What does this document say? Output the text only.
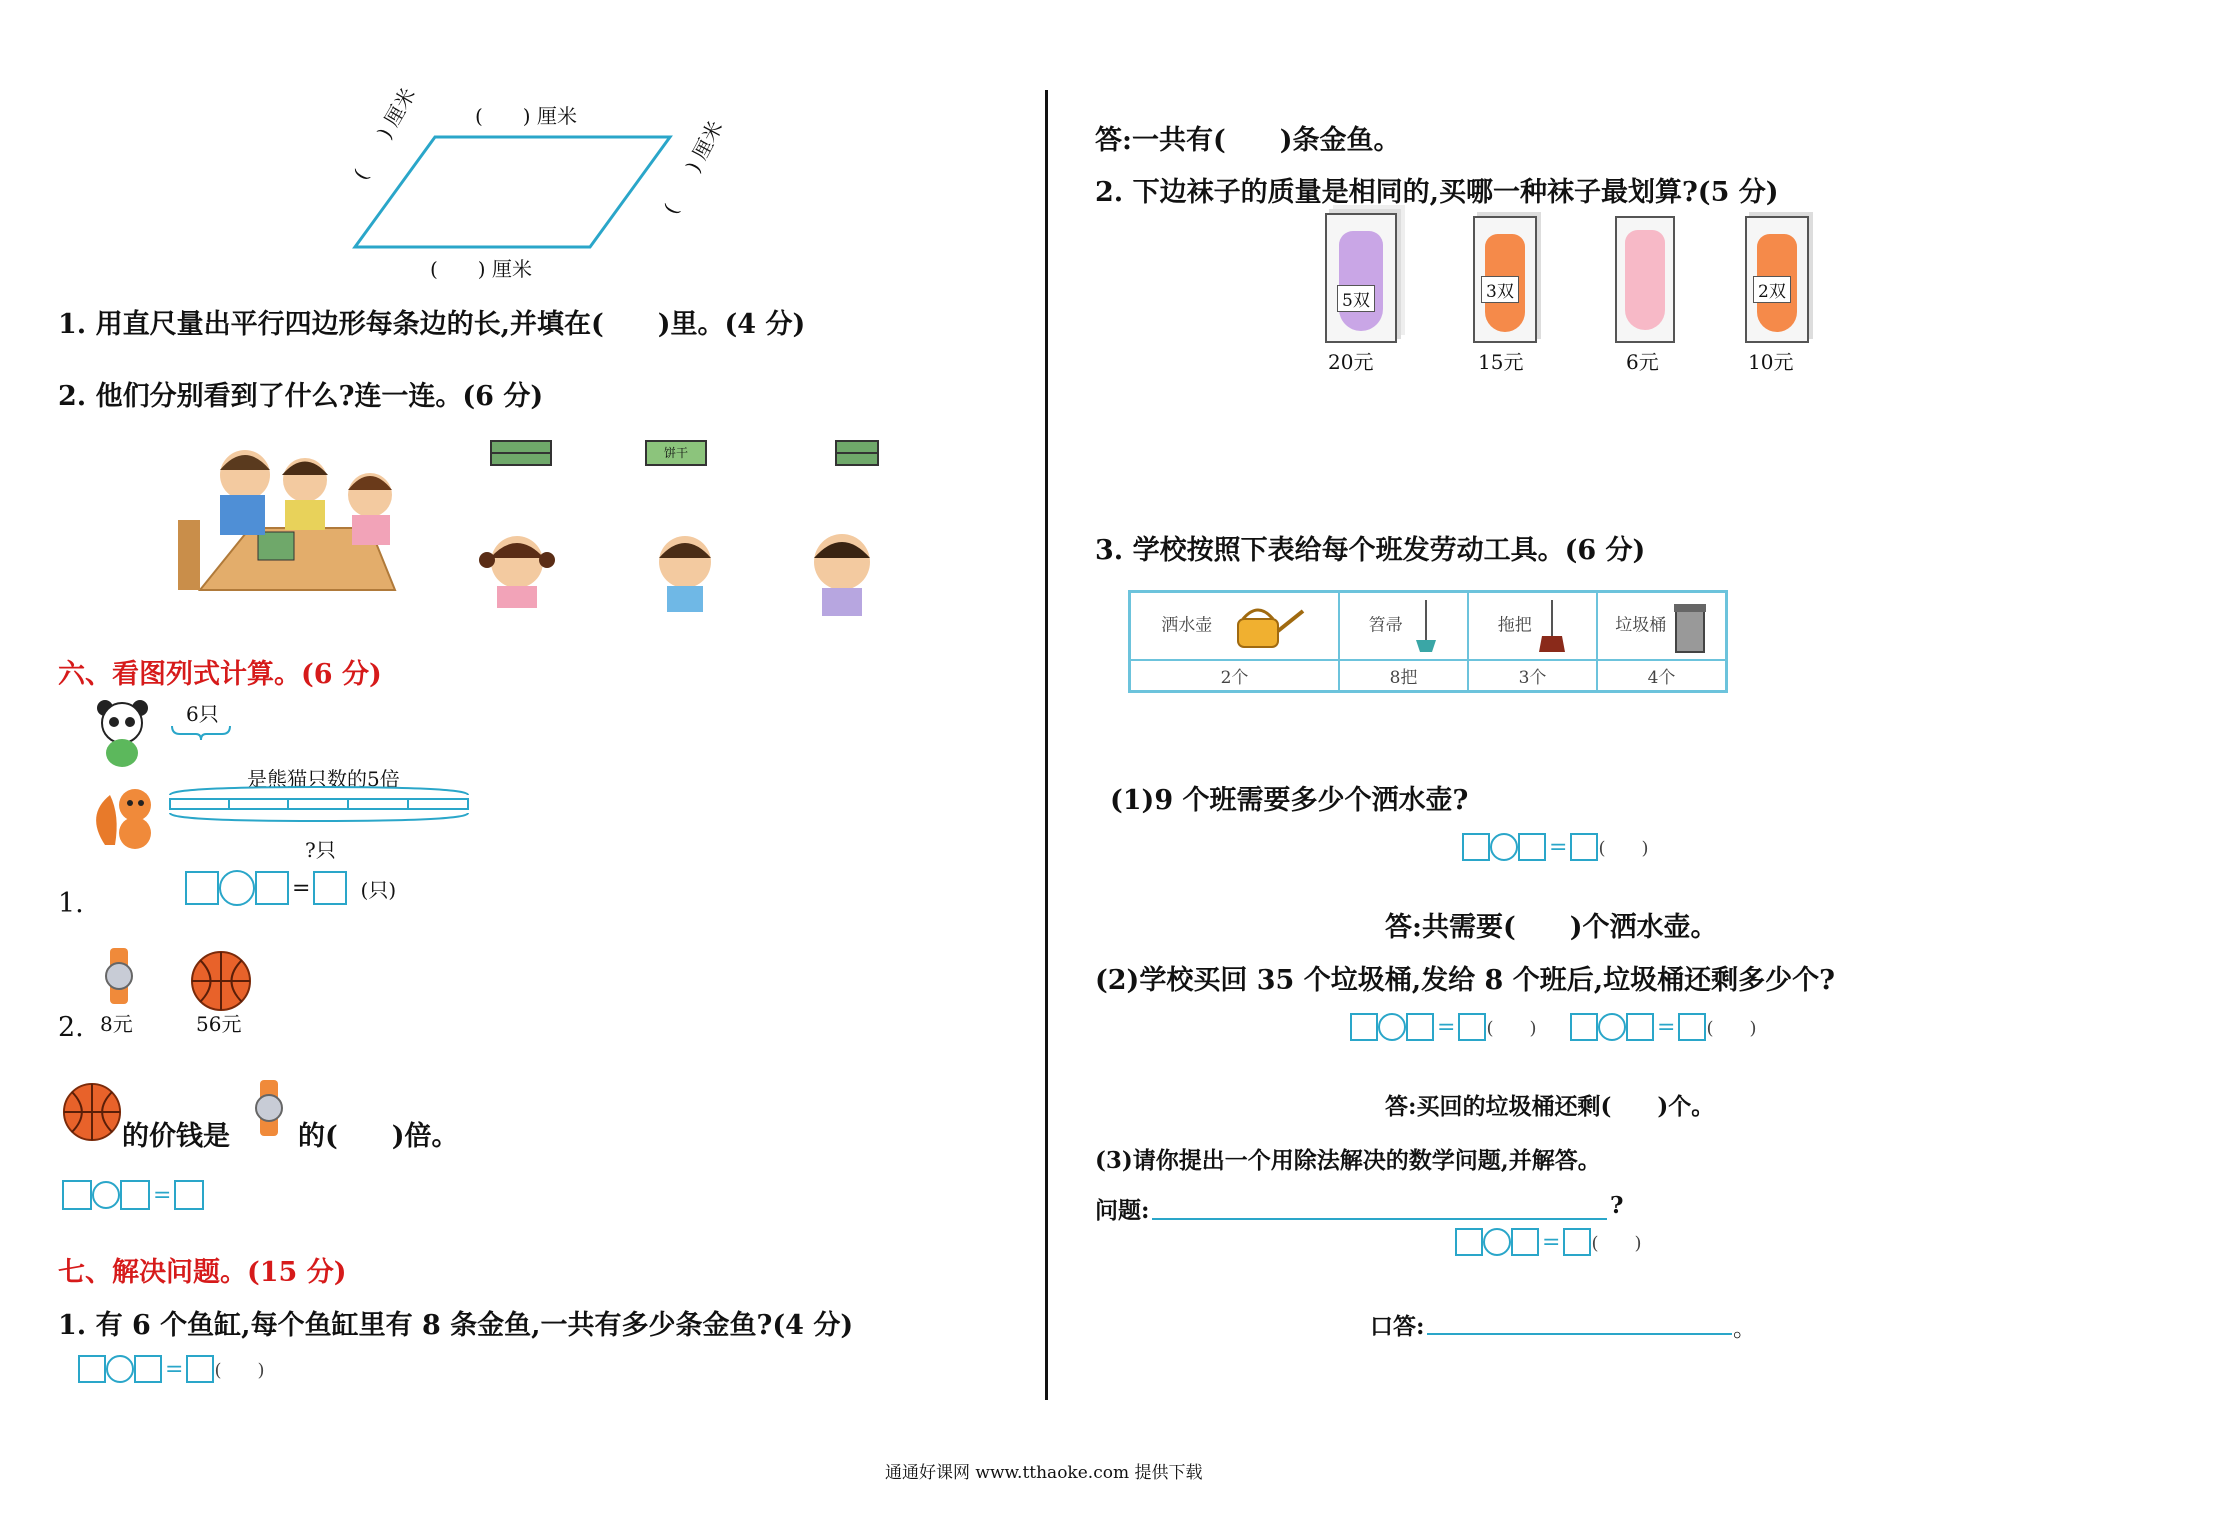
(　　) 厘米
(　　) 厘米
(　　) 厘米	(　　) 厘米
1. 用直尺量出平行四边形每条边的长,并填在(　　)里。(4 分)
2. 他们分别看到了什么?连一连。(6 分)
饼干
六、看图列式计算。(6 分)
6只
是熊猫只数的5倍
?只
1.	=	(只)
2. 8元	56元
的价钱是	的(　　)倍。
=
七、解决问题。(15 分)
1. 有 6 个鱼缸,每个鱼缸里有 8 条金鱼,一共有多少条金鱼?(4 分)
= (　　)
答:一共有(　　)条金鱼。
2. 下边袜子的质量是相同的,买哪一种袜子最划算?(5 分)
5双
20元
3双
15元	6元
2双
10元
3. 学校按照下表给每个班发劳动工具。(6 分)
洒水壶	笤帚	拖把	垃圾桶
2个	8把	3个	4个
(1)9 个班需要多少个洒水壶?
= (　　)
答:共需要(　　)个洒水壶。
(2)学校买回 35 个垃圾桶,发给 8 个班后,垃圾桶还剩多少个?
= (　　)	= (　　)
答:买回的垃圾桶还剩(　　)个。
(3)请你提出一个用除法解决的数学问题,并解答。
问题:	?
= (　　)
口答:	。
通通好课网 www.tthaoke.com 提供下载
